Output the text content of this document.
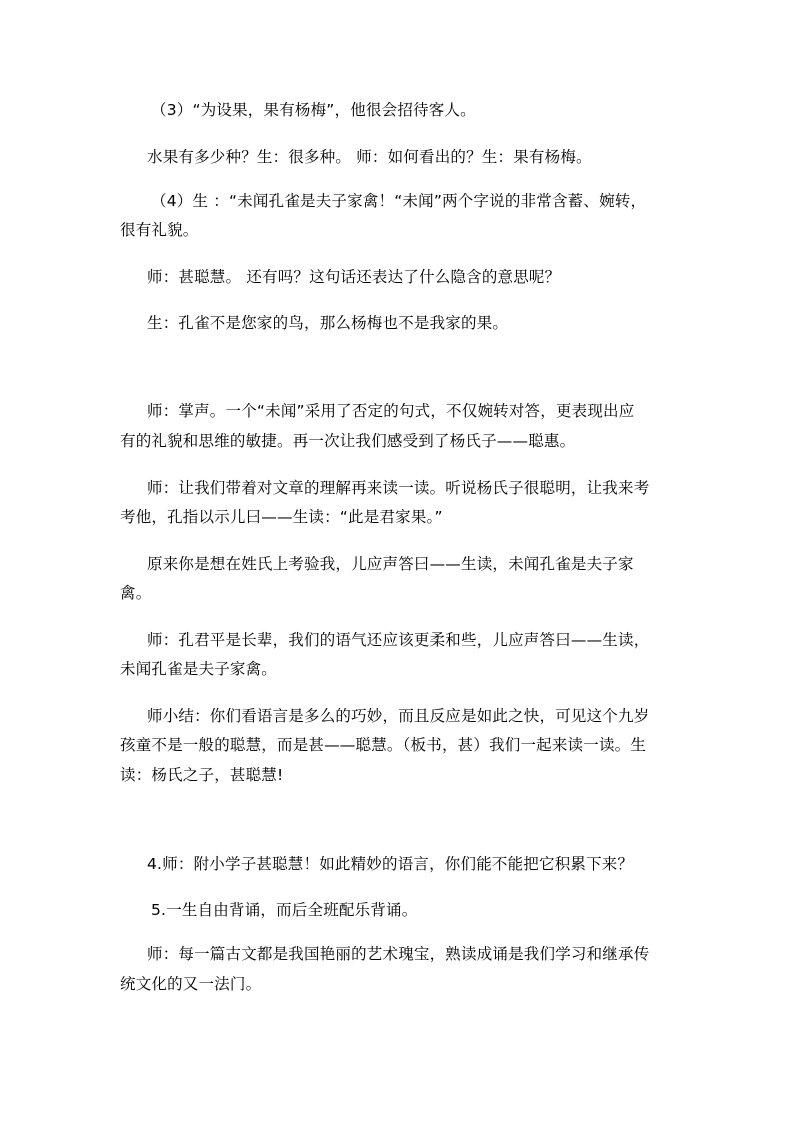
（3）“为设果，果有杨梅”，他很会招待客人。

水果有多少种？生：很多种。 师：如何看出的？生：果有杨梅。

（4）生 ：“未闻孔雀是夫子家禽！“未闻”两个字说的非常含蓄、婉转，

很有礼貌。

师：甚聪慧。 还有吗？这句话还表达了什么隐含的意思呢？

生：孔雀不是您家的鸟，那么杨梅也不是我家的果。

师：掌声。一个“未闻”采用了否定的句式，不仅婉转对答，更表现出应

有的礼貌和思维的敏捷。再一次让我们感受到了杨氏子——聪惠。

师：让我们带着对文章的理解再来读一读。听说杨氏子很聪明，让我来考

考他，孔指以示儿曰——生读：“此是君家果。”

原来你是想在姓氏上考验我，儿应声答曰——生读，未闻孔雀是夫子家

禽。

师：孔君平是长辈，我们的语气还应该更柔和些，儿应声答曰——生读，

未闻孔雀是夫子家禽。

师小结：你们看语言是多么的巧妙，而且反应是如此之快，可见这个九岁

孩童不是一般的聪慧，而是甚——聪慧。（板书，甚）我们一起来读一读。生

读：杨氏之子，甚聪慧!

4.师：附小学子甚聪慧！如此精妙的语言，你们能不能把它积累下来？

5.一生自由背诵，而后全班配乐背诵。

师：每一篇古文都是我国艳丽的艺术瑰宝，熟读成诵是我们学习和继承传

统文化的又一法门。
